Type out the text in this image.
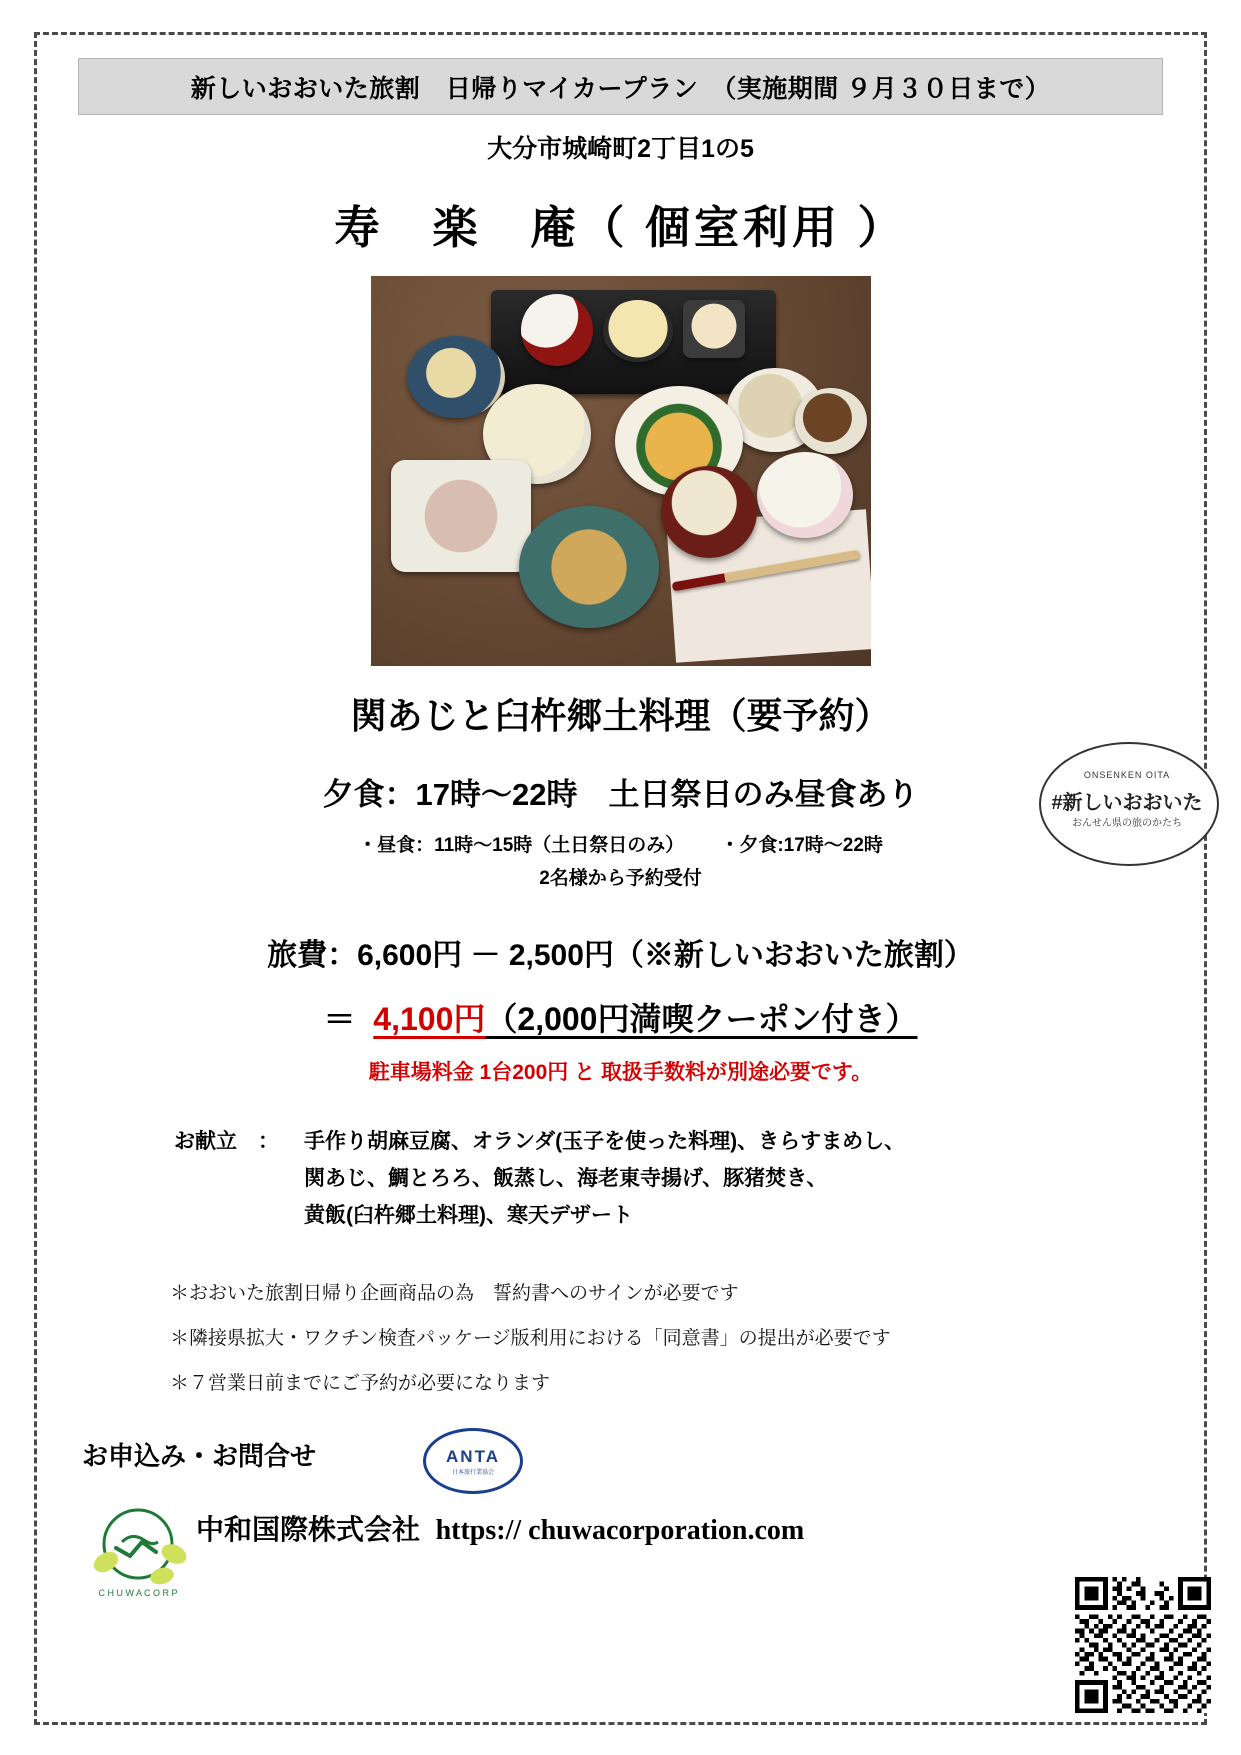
新しいおおいた旅割　日帰りマイカープラン　（実施期間 ９月３０日まで）
大分市城崎町2丁目1の5
寿　楽　庵（ 個室利用 ）
関あじと臼杵郷土料理（要予約）
夕食：17時～22時　土日祭日のみ昼食あり
・昼食：11時～15時（土日祭日のみ） ・夕食:17時～22時
2名様から予約受付
旅費：6,600円 － 2,500円（※新しいおおいた旅割）
＝ 4,100円（2,000円満喫クーポン付き）
駐車場料金 1台200円 と 取扱手数料が別途必要です。
お献立　： 手作り胡麻豆腐、オランダ(玉子を使った料理)、きらすまめし、
関あじ、鯛とろろ、飯蒸し、海老東寺揚げ、豚猪焚き、
黄飯(臼杵郷土料理)、寒天デザート
＊おおいた旅割日帰り企画商品の為　誓約書へのサインが必要です
＊隣接県拡大・ワクチン検査パッケージ版利用における「同意書」の提出が必要です
＊７営業日前までにご予約が必要になります
お申込み・お問合せ	ANTA
日本旅行業協会
C H U W A C O R P
中和国際株式会社 https:// chuwacorporation.com
ONSENKEN OITA
#新しいおおいた
おんせん県の旅のかたち
